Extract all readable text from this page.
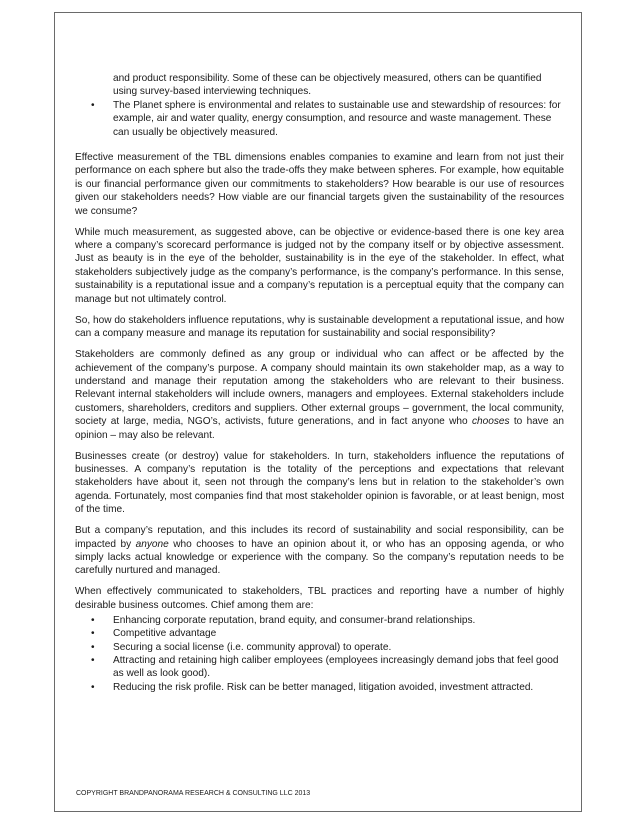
and product responsibility. Some of these can be objectively measured, others can be quantified using survey-based interviewing techniques.
• The Planet sphere is environmental and relates to sustainable use and stewardship of resources: for example, air and water quality, energy consumption, and resource and waste management. These can usually be objectively measured.

Effective measurement of the TBL dimensions enables companies to examine and learn from not just their performance on each sphere but also the trade-offs they make between spheres. For example, how equitable is our financial performance given our commitments to stakeholders? How bearable is our use of resources given our stakeholders needs? How viable are our financial targets given the sustainability of the resources we consume?

While much measurement, as suggested above, can be objective or evidence-based there is one key area where a company’s scorecard performance is judged not by the company itself or by objective assessment. Just as beauty is in the eye of the beholder, sustainability is in the eye of the stakeholder. In effect, what stakeholders subjectively judge as the company’s performance, is the company’s performance. In this sense, sustainability is a reputational issue and a company’s reputation is a perceptual equity that the company can manage but not ultimately control.

So, how do stakeholders influence reputations, why is sustainable development a reputational issue, and how can a company measure and manage its reputation for sustainability and social responsibility?

Stakeholders are commonly defined as any group or individual who can affect or be affected by the achievement of the company’s purpose. A company should maintain its own stakeholder map, as a way to understand and manage their reputation among the stakeholders who are relevant to their business. Relevant internal stakeholders will include owners, managers and employees. External stakeholders include customers, shareholders, creditors and suppliers. Other external groups – government, the local community, society at large, media, NGO’s, activists, future generations, and in fact anyone who chooses to have an opinion – may also be relevant.

Businesses create (or destroy) value for stakeholders. In turn, stakeholders influence the reputations of businesses. A company’s reputation is the totality of the perceptions and expectations that relevant stakeholders have about it, seen not through the company’s lens but in relation to the stakeholder’s own agenda. Fortunately, most companies find that most stakeholder opinion is favorable, or at least benign, most of the time.

But a company’s reputation, and this includes its record of sustainability and social responsibility, can be impacted by anyone who chooses to have an opinion about it, or who has an opposing agenda, or who simply lacks actual knowledge or experience with the company. So the company’s reputation needs to be carefully nurtured and managed.

When effectively communicated to stakeholders, TBL practices and reporting have a number of highly desirable business outcomes. Chief among them are:

• Enhancing corporate reputation, brand equity, and consumer-brand relationships.
• Competitive advantage
• Securing a social license (i.e. community approval) to operate.
• Attracting and retaining high caliber employees (employees increasingly demand jobs that feel good as well as look good).
• Reducing the risk profile. Risk can be better managed, litigation avoided, investment attracted.
COPYRIGHT BRANDPANORAMA RESEARCH & CONSULTING LLC 2013
